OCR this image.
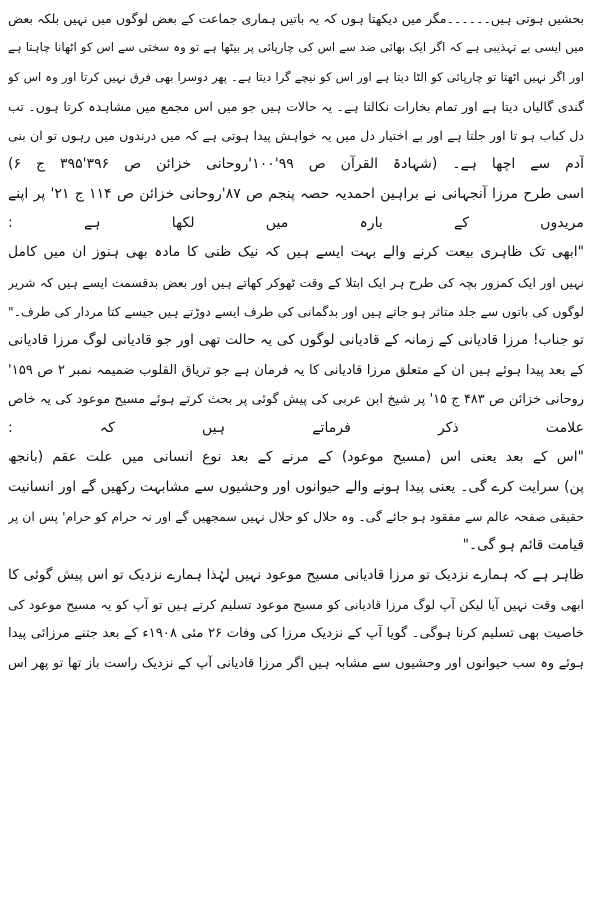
بحشیں ہوتی ہیں۔۔۔۔۔۔مگر میں دیکھتا ہوں کہ یہ باتیں ہماری جماعت کے بعض لوگوں میں نہیں بلکہ بعض
میں ایسی بے تہذیبی ہے کہ اگر ایک بھائی ضد سے اس کی چارپائی پر بیٹھا ہے تو وہ سختی سے اس کو اٹھانا چاہتا ہے
اور اگر نہیں اٹھتا تو چارپائی کو الٹا دیتا ہے اور اس کو نیچے گرا دیتا ہے۔ پھر دوسرا بھی فرق نہیں کرتا اور وہ اس کو
گندی گالیاں دیتا ہے اور تمام بخارات نکالتا ہے۔ یہ حالات ہیں جو میں اس مجمع میں مشاہدہ کرتا ہوں۔ تب
دل کباب ہو تا اور جلتا ہے اور بے اختیار دل میں یہ خواہش پیدا ہوتی ہے کہ میں درندوں میں رہوں تو ان بنی
آدم سے اچھا ہے۔ (شہادۃ القرآن ص ۹۹'۱۰۰'روحانی خزائن ص ۳۹۶'۳۹۵ ج ۶)
اسی طرح مرزا آنجہانی نے براہین احمدیہ حصہ پنجم ص ۸۷'روحانی خزائن ص ۱۱۴ ج ۲۱' پر اپنے
مریدوں کے بارہ میں لکھا ہے :
"ابھی تک ظاہری بیعت کرنے والے بہت ایسے ہیں کہ نیک ظنی کا مادہ بھی ہنوز ان میں کامل
نہیں اور ایک کمزور بچہ کی طرح ہر ایک ابتلا کے وقت ٹھوکر کھاتے ہیں اور بعض بدقسمت ایسے ہیں کہ شریر
لوگوں کی باتوں سے جلد متاثر ہو جاتے ہیں اور بدگمانی کی طرف ایسے دوڑتے ہیں جیسے کتا مردار کی طرف۔"
تو جناب! مرزا قادیانی کے زمانہ کے قادیانی لوگوں کی یہ حالت تھی اور جو قادیانی لوگ مرزا قادیانی
کے بعد پیدا ہوئے ہیں ان کے متعلق مرزا قادیانی کا یہ فرمان ہے جو تریاق القلوب ضمیمہ نمبر ۲ ص ۱۵۹'
روحانی خزائن ص ۴۸۳ ج ۱۵' پر شیخ ابن عربی کی پیش گوئی پر بحث کرتے ہوئے مسیح موعود کی یہ خاص
علامت ذکر فرماتے ہیں کہ :
"اس کے بعد یعنی اس (مسیح موعود) کے مرنے کے بعد نوع انسانی میں علت عقم (بانجھ
پن) سرایت کرے گی۔ یعنی پیدا ہونے والے حیوانوں اور وحشیوں سے مشابہت رکھیں گے اور انسانیت
حقیقی صفحہ عالم سے مفقود ہو جائے گی۔ وہ حلال کو حلال نہیں سمجھیں گے اور نہ حرام کو حرام' پس ان پر
قیامت قائم ہو گی۔"
ظاہر ہے کہ ہمارے نزدیک تو مرزا قادیانی مسیح موعود نہیں لہٰذا ہمارے نزدیک تو اس پیش گوئی کا
ابھی وقت نہیں آیا لیکن آپ لوگ مرزا قادیانی کو مسیح موعود تسلیم کرتے ہیں تو آپ کو یہ مسیح موعود کی
خاصیت بھی تسلیم کرنا ہوگی۔ گویا آپ کے نزدیک مرزا کی وفات ۲۶ مئی ۱۹۰۸ء کے بعد جتنے مرزائی پیدا
ہوئے وہ سب حیوانوں اور وحشیوں سے مشابہ ہیں اگر مرزا قادیانی آپ کے نزدیک راست باز تھا تو پھر اس
